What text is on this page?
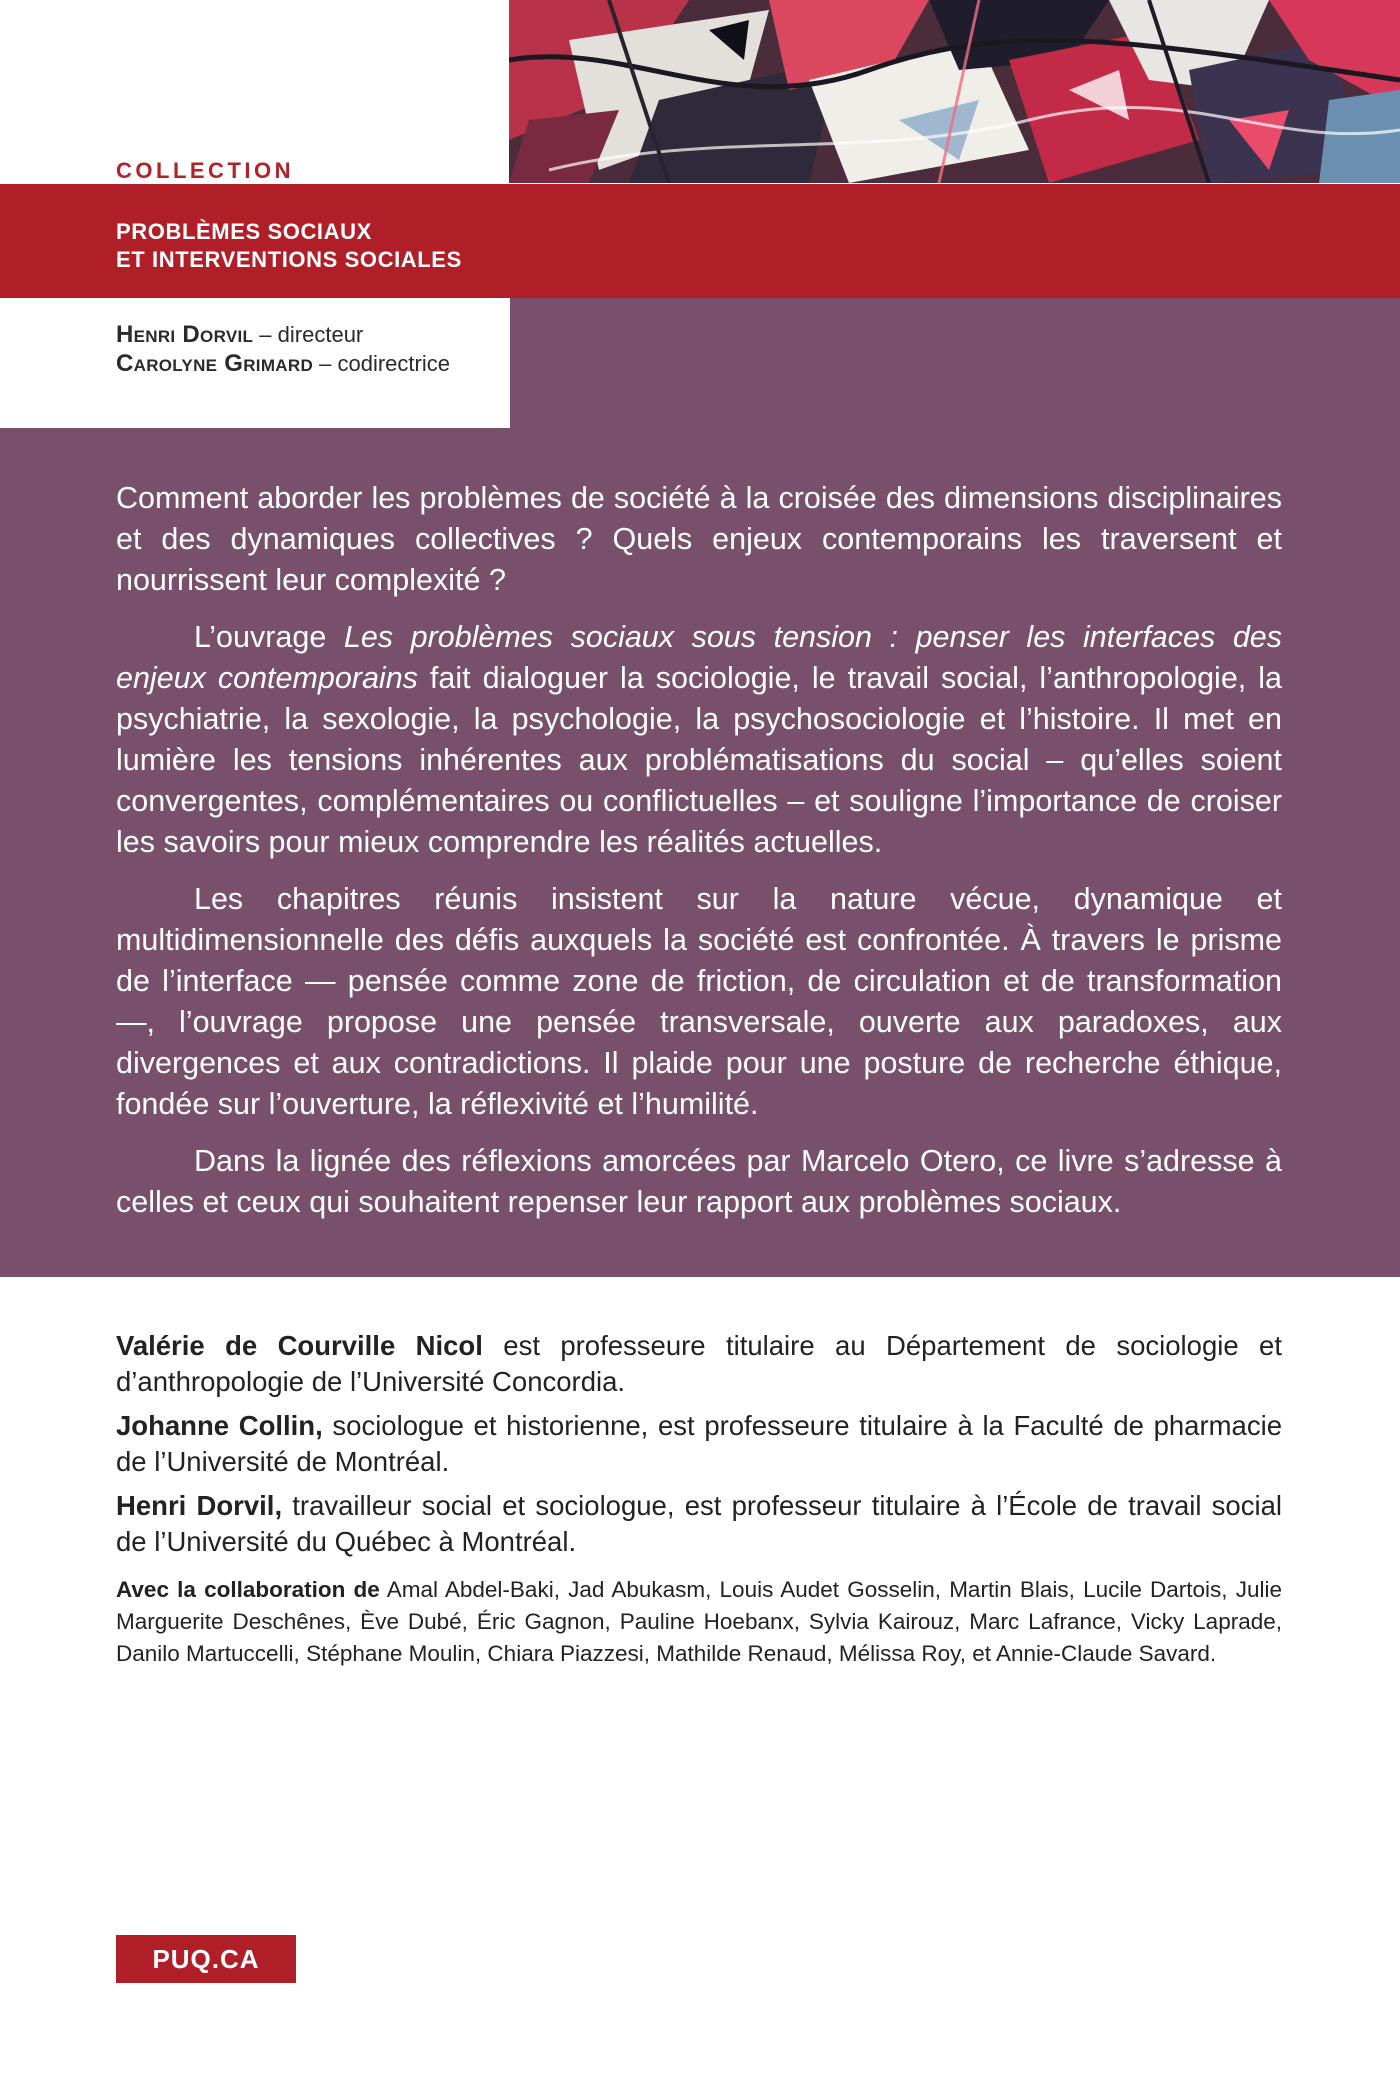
COLLECTION
PROBLÈMES SOCIAUX
ET INTERVENTIONS SOCIALES
Henri Dorvil – directeur
Carolyne Grimard – codirectrice

Comment aborder les problèmes de société à la croisée des dimensions disciplinaires et des dynamiques collectives ? Quels enjeux contemporains les traversent et nourrissent leur complexité ?

L’ouvrage Les problèmes sociaux sous tension : penser les interfaces des enjeux contemporains fait dialoguer la sociologie, le travail social, l’anthropologie, la psychiatrie, la sexologie, la psychologie, la psychosociologie et l’histoire. Il met en lumière les tensions inhérentes aux problématisations du social – qu’elles soient convergentes, complémentaires ou conflictuelles – et souligne l’importance de croiser les savoirs pour mieux comprendre les réalités actuelles.

Les chapitres réunis insistent sur la nature vécue, dynamique et multidimensionnelle des défis auxquels la société est confrontée. À travers le prisme de l’interface — pensée comme zone de friction, de circulation et de transformation —, l’ouvrage propose une pensée transversale, ouverte aux paradoxes, aux divergences et aux contradictions. Il plaide pour une posture de recherche éthique, fondée sur l’ouverture, la réflexivité et l’humilité.

Dans la lignée des réflexions amorcées par Marcelo Otero, ce livre s’adresse à celles et ceux qui souhaitent repenser leur rapport aux problèmes sociaux.

Valérie de Courville Nicol est professeure titulaire au Département de sociologie et d’anthropologie de l’Université Concordia.

Johanne Collin, sociologue et historienne, est professeure titulaire à la Faculté de pharmacie de l’Université de Montréal.

Henri Dorvil, travailleur social et sociologue, est professeur titulaire à l’École de travail social de l’Université du Québec à Montréal.

Avec la collaboration de Amal Abdel-Baki, Jad Abukasm, Louis Audet Gosselin, Martin Blais, Lucile Dartois, Julie Marguerite Deschênes, Ève Dubé, Éric Gagnon, Pauline Hoebanx, Sylvia Kairouz, Marc Lafrance, Vicky Laprade, Danilo Martuccelli, Stéphane Moulin, Chiara Piazzesi, Mathilde Renaud, Mélissa Roy, et Annie-Claude Savard.

PUQ.CA
